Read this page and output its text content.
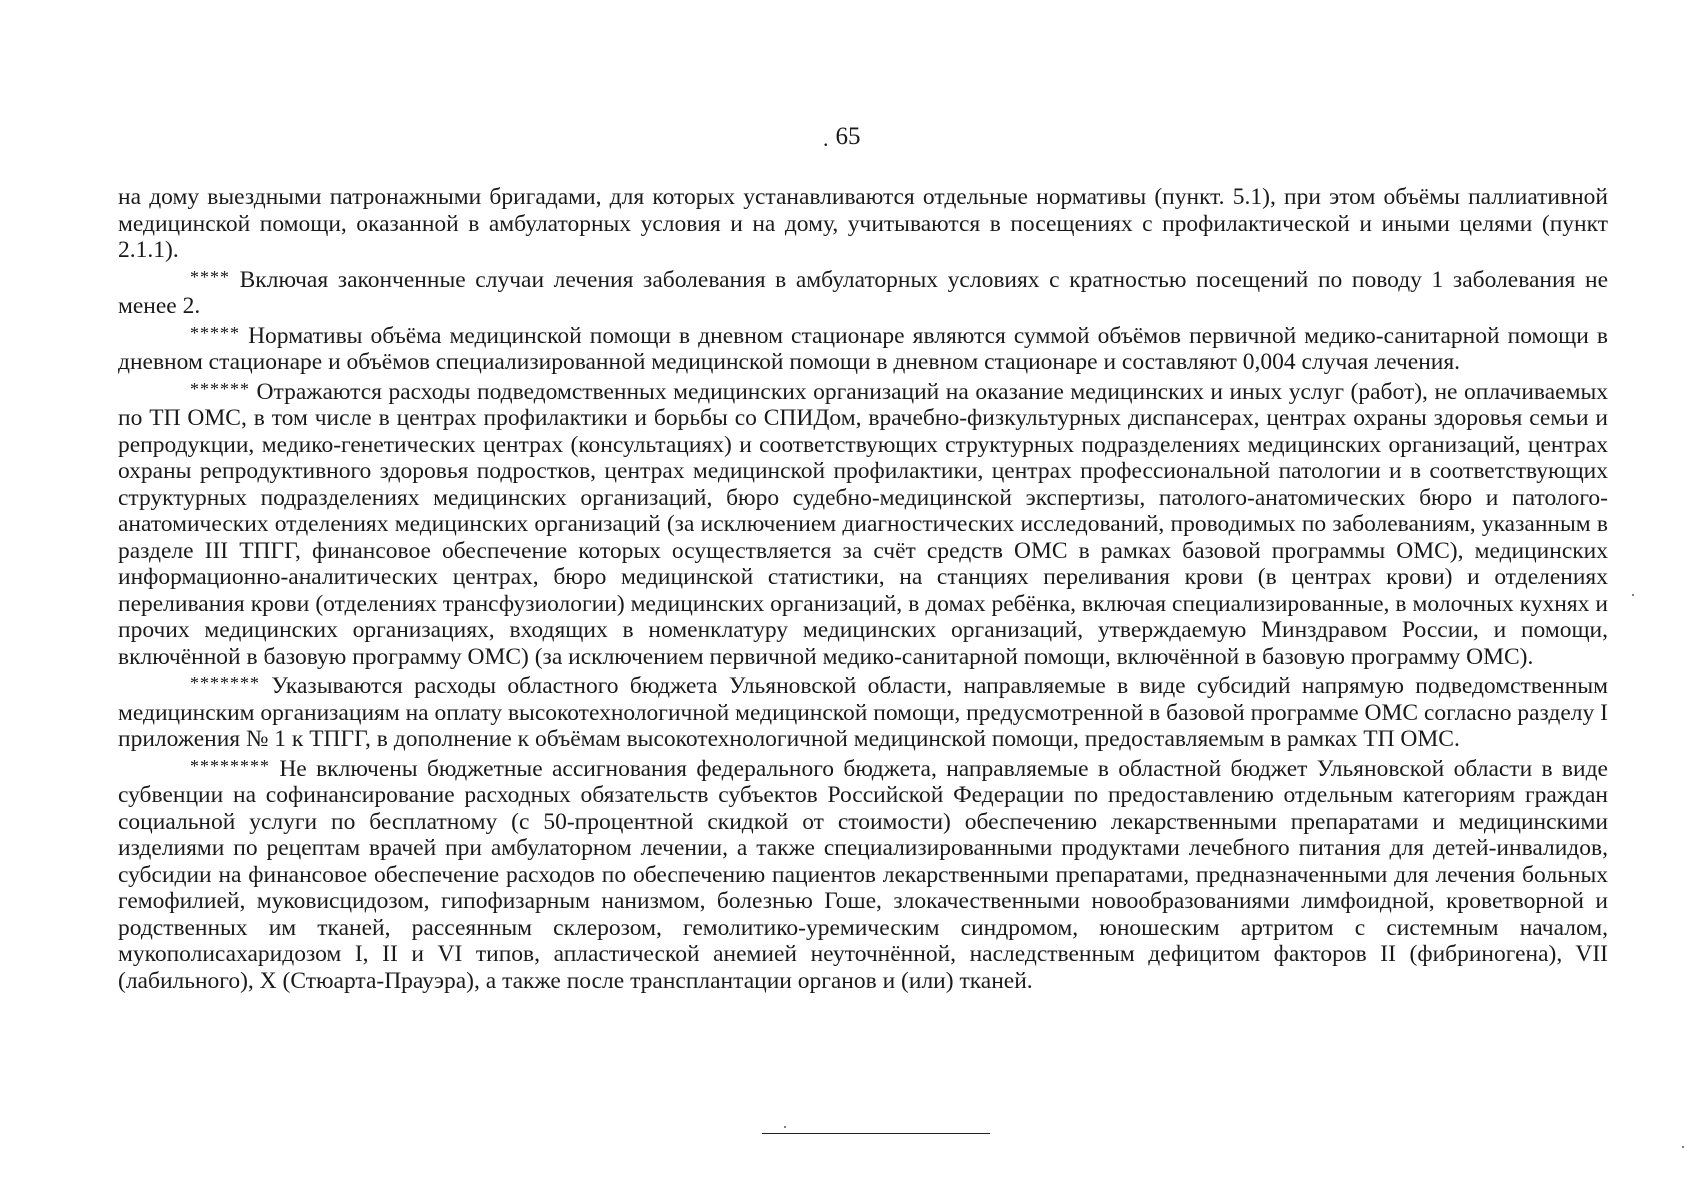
. 65

на дому выездными патронажными бригадами, для которых устанавливаются отдельные нормативы (пункт. 5.1), при этом объёмы паллиативной медицинской помощи, оказанной в амбулаторных условия и на дому, учитываются в посещениях с профилактической и иными целями (пункт 2.1.1).

**** Включая законченные случаи лечения заболевания в амбулаторных условиях с кратностью посещений по поводу 1 заболевания не менее 2.

***** Нормативы объёма медицинской помощи в дневном стационаре являются суммой объёмов первичной медико-санитарной помощи в дневном стационаре и объёмов специализированной медицинской помощи в дневном стационаре и составляют 0,004 случая лечения.

****** Отражаются расходы подведомственных медицинских организаций на оказание медицинских и иных услуг (работ), не оплачиваемых по ТП ОМС, в том числе в центрах профилактики и борьбы со СПИДом, врачебно-физкультурных диспансерах, центрах охраны здоровья семьи и репродукции, медико-генетических центрах (консультациях) и соответствующих структурных подразделениях медицинских организаций, центрах охраны репродуктивного здоровья подростков, центрах медицинской профилактики, центрах профессиональной патологии и в соответствующих структурных подразделениях медицинских организаций, бюро судебно-медицинской экспертизы, патолого-анатомических бюро и патолого-анатомических отделениях медицинских организаций (за исключением диагностических исследований, проводимых по заболеваниям, указанным в разделе III ТПГГ, финансовое обеспечение которых осуществляется за счёт средств ОМС в рамках базовой программы ОМС), медицинских информационно-аналитических центрах, бюро медицинской статистики, на станциях переливания крови (в центрах крови) и отделениях переливания крови (отделениях трансфузиологии) медицинских организаций, в домах ребёнка, включая специализированные, в молочных кухнях и прочих медицинских организациях, входящих в номенклатуру медицинских организаций, утверждаемую Минздравом России, и помощи, включённой в базовую программу ОМС) (за исключением первичной медико-санитарной помощи, включённой в базовую программу ОМС).

******* Указываются расходы областного бюджета Ульяновской области, направляемые в виде субсидий напрямую подведомственным медицинским организациям на оплату высокотехнологичной медицинской помощи, предусмотренной в базовой программе ОМС согласно разделу I приложения № 1 к ТПГГ, в дополнение к объёмам высокотехнологичной медицинской помощи, предоставляемым в рамках ТП ОМС.

******** Не включены бюджетные ассигнования федерального бюджета, направляемые в областной бюджет Ульяновской области в виде субвенции на софинансирование расходных обязательств субъектов Российской Федерации по предоставлению отдельным категориям граждан социальной услуги по бесплатному (с 50-процентной скидкой от стоимости) обеспечению лекарственными препаратами и медицинскими изделиями по рецептам врачей при амбулаторном лечении, а также специализированными продуктами лечебного питания для детей-инвалидов, субсидии на финансовое обеспечение расходов по обеспечению пациентов лекарственными препаратами, предназначенными для лечения больных гемофилией, муковисцидозом, гипофизарным нанизмом, болезнью Гоше, злокачественными новообразованиями лимфоидной, кроветворной и родственных им тканей, рассеянным склерозом, гемолитико-уремическим синдромом, юношеским артритом с системным началом, мукополисахаридозом I, II и VI типов, апластической анемией неуточнённой, наследственным дефицитом факторов II (фибриногена), VII (лабильного), X (Стюарта-Прауэра), а также после трансплантации органов и (или) тканей.
